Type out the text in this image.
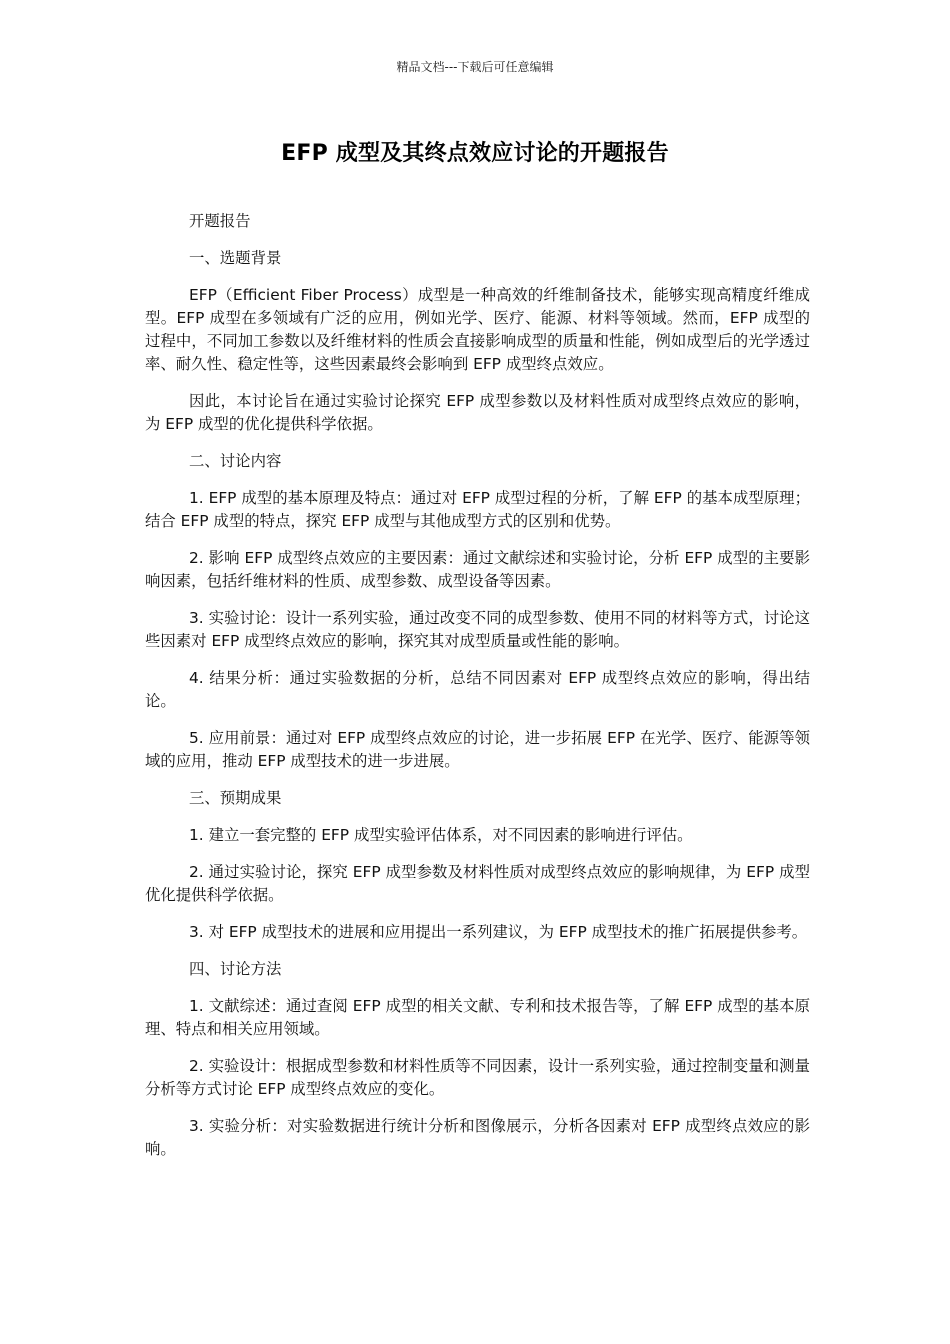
精品文档---下载后可任意编辑
EFP 成型及其终点效应讨论的开题报告

开题报告

一、选题背景

EFP（Efficient Fiber Process）成型是一种高效的纤维制备技术，能够实现高精度纤维成型。EFP 成型在多领域有广泛的应用，例如光学、医疗、能源、材料等领域。然而，EFP 成型的过程中，不同加工参数以及纤维材料的性质会直接影响成型的质量和性能，例如成型后的光学透过率、耐久性、稳定性等，这些因素最终会影响到 EFP 成型终点效应。

因此，本讨论旨在通过实验讨论探究 EFP 成型参数以及材料性质对成型终点效应的影响，为 EFP 成型的优化提供科学依据。

二、讨论内容

1. EFP 成型的基本原理及特点：通过对 EFP 成型过程的分析，了解 EFP 的基本成型原理；结合 EFP 成型的特点，探究 EFP 成型与其他成型方式的区别和优势。

2. 影响 EFP 成型终点效应的主要因素：通过文献综述和实验讨论，分析 EFP 成型的主要影响因素，包括纤维材料的性质、成型参数、成型设备等因素。

3. 实验讨论：设计一系列实验，通过改变不同的成型参数、使用不同的材料等方式，讨论这些因素对 EFP 成型终点效应的影响，探究其对成型质量或性能的影响。

4. 结果分析：通过实验数据的分析，总结不同因素对 EFP 成型终点效应的影响，得出结论。

5. 应用前景：通过对 EFP 成型终点效应的讨论，进一步拓展 EFP 在光学、医疗、能源等领域的应用，推动 EFP 成型技术的进一步进展。

三、预期成果

1. 建立一套完整的 EFP 成型实验评估体系，对不同因素的影响进行评估。

2. 通过实验讨论，探究 EFP 成型参数及材料性质对成型终点效应的影响规律，为 EFP 成型优化提供科学依据。

3. 对 EFP 成型技术的进展和应用提出一系列建议，为 EFP 成型技术的推广拓展提供参考。

四、讨论方法

1. 文献综述：通过查阅 EFP 成型的相关文献、专利和技术报告等，了解 EFP 成型的基本原理、特点和相关应用领域。

2. 实验设计：根据成型参数和材料性质等不同因素，设计一系列实验，通过控制变量和测量分析等方式讨论 EFP 成型终点效应的变化。

3. 实验分析：对实验数据进行统计分析和图像展示，分析各因素对 EFP 成型终点效应的影响。
